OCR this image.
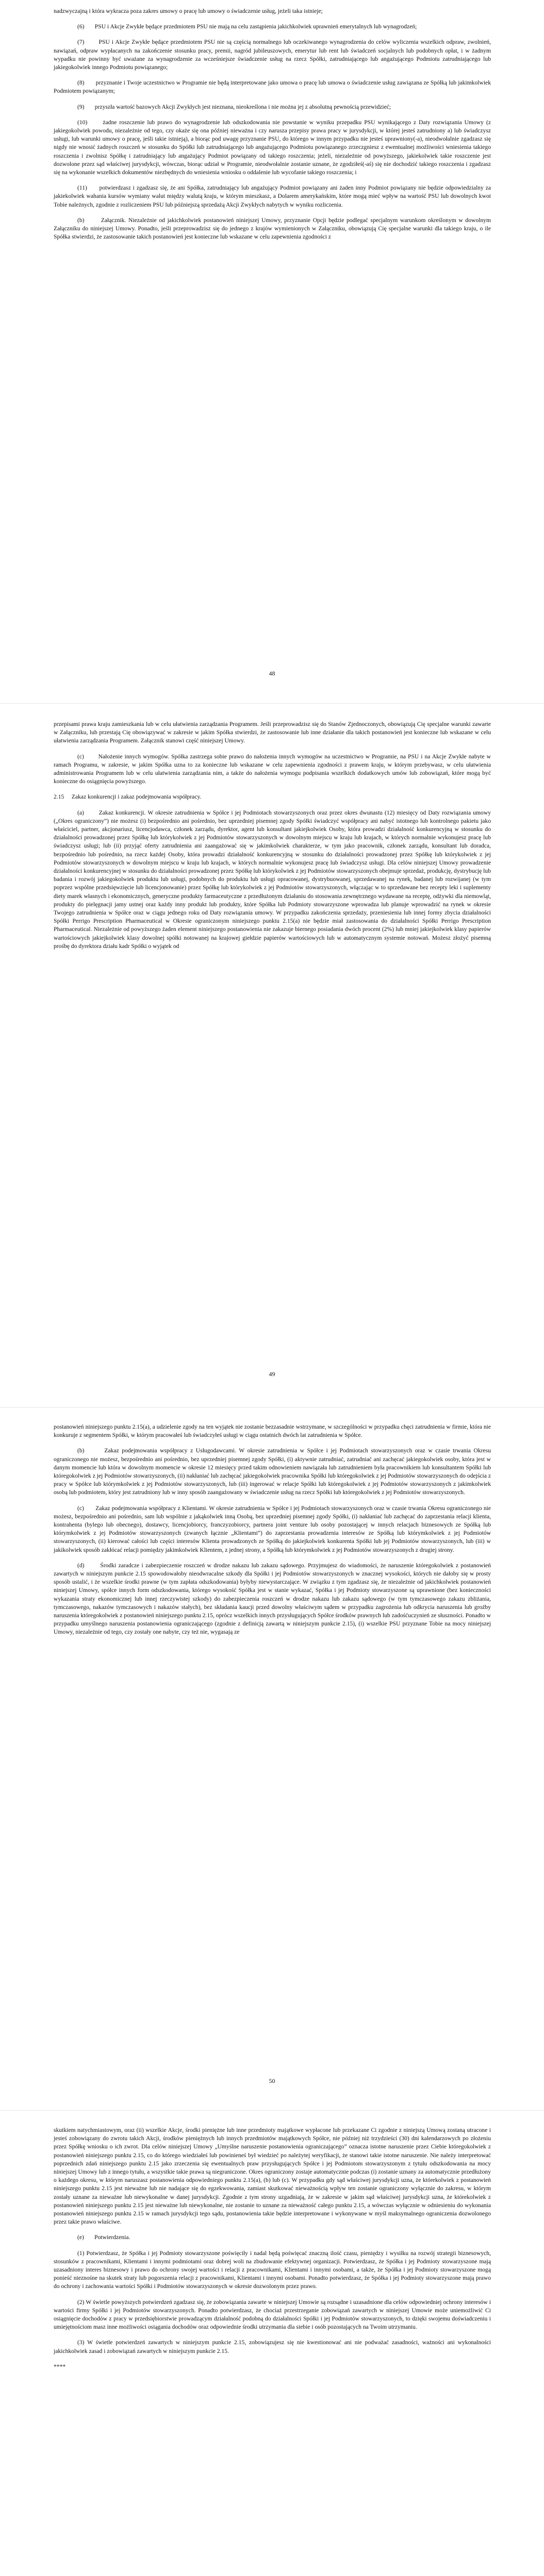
nadzwyczajną i która wykracza poza zakres umowy o pracę lub umowy o świadczenie usług, jeżeli taka istnieje;

(6)       PSU i Akcje Zwykłe będące przedmiotem PSU nie mają na celu zastąpienia jakichkolwiek uprawnień emerytalnych lub wynagrodzeń;

(7)       PSU i Akcje Zwykłe będące przedmiotem PSU nie są częścią normalnego lub oczekiwanego wynagrodzenia do celów wyliczenia wszelkich odpraw, zwolnień, nawiązań, odpraw wypłacanych na zakończenie stosunku pracy, premii, nagród jubileuszowych, emerytur lub rent lub świadczeń socjalnych lub podobnych opłat, i w żadnym wypadku nie powinny być uważane za wynagrodzenie za wcześniejsze świadczenie usług na rzecz Spółki, zatrudniającego lub angażującego Podmiotu zatrudniającego lub jakiegokolwiek innego Podmiotu powiązanego;

(8)       przyznanie i Twoje uczestnictwo w Programie nie będą interpretowane jako umowa o pracę lub umowa o świadczenie usług zawiązana ze Spółką lub jakimkolwiek Podmiotem powiązanym;

(9)       przyszła wartość bazowych Akcji Zwykłych jest nieznana, nieokreślona i nie można jej z absolutną pewnością przewidzieć;

(10)      żadne roszczenie lub prawo do wynagrodzenie lub odszkodowania nie powstanie w wyniku przepadku PSU wynikającego z Daty rozwiązania Umowy (z jakiegokolwiek powodu, niezależnie od tego, czy okaże się ona później nieważna i czy narusza przepisy prawa pracy w jurysdykcji, w której jesteś zatrudniony a) lub świadczysz usługi, lub warunki umowy o pracę, jeśli takie istnieją), a biorąc pod uwagę przyznanie PSU, do którego w innym przypadku nie jesteś uprawniony(-a), nieodwołalnie zgadzasz się nigdy nie wnosić żadnych roszczeń w stosunku do Spółki lub zatrudniającego lub angażującego Podmiotu powiązanego zrzeczgniesz z ewentualnej możliwości wniesienia takiego roszczenia i zwolnisz Spółkę i zatrudniający lub angażujący Podmiot powiązany od takiego roszczenia; jeżeli, niezależnie od powyższego, jakiekolwiek takie roszczenie jest dozwolone przez sąd właściwej jurysdykcji, wówczas, biorąc udział w Programie, nieodwołalnie zostanie uznane, że zgodziłeś(-aś) się nie dochodzić takiego roszczenia i zgadzasz się na wykonanie wszelkich dokumentów niezbędnych do wniesienia wniosku o oddalenie lub wycofanie takiego roszczenia; i

(11)      potwierdzasz i zgadzasz się, że ani Spółka, zatrudniający lub angażujący Podmiot powiązany ani żaden inny Podmiot powiązany nie będzie odpowiedzialny za jakiekolwiek wahania kursów wymiany walut między walutą kraju, w którym mieszkasz, a Dolarem amerykańskim, które mogą mieć wpływ na wartość PSU lub dowolnych kwot Tobie należnych, zgodnie z rozliczeniem PSU lub późniejszą sprzedażą Akcji Zwykłych nabytych w wyniku rozliczenia.

(b)       Załącznik. Niezależnie od jakichkolwiek postanowień niniejszej Umowy, przyznanie Opcji będzie podlegać specjalnym warunkom określonym w dowolnym Załączniku do niniejszej Umowy. Ponadto, jeśli przeprowadzisz się do jednego z krajów wymienionych w Załączniku, obowiązują Cię specjalne warunki dla takiego kraju, o ile Spółka stwierdzi, że zastosowanie takich postanowień jest konieczne lub wskazane w celu zapewnienia zgodności z

48

przepisami prawa kraju zamieszkania lub w celu ułatwienia zarządzania Programem. Jeśli przeprowadzisz się do Stanów Zjednoczonych, obowiązują Cię specjalne warunki zawarte w Załączniku, lub przestają Cię obowiązywać w zakresie w jakim Spółka stwierdzi, że zastosowanie lub inne działanie dla takich postanowień jest konieczne lub wskazane w celu ułatwienia zarządzania Programem. Załącznik stanowi część niniejszej Umowy.

(c)       Nałożenie innych wymogów. Spółka zastrzega sobie prawo do nałożenia innych wymogów na uczestnictwo w Programie, na PSU i na Akcje Zwykłe nabyte w ramach Programu, w zakresie, w jakim Spółka uzna to za konieczne lub wskazane w celu zapewnienia zgodności z prawem kraju, w którym przebywasz, w celu ułatwienia administrowania Programem lub w celu ułatwienia zarządzania nim, a także do nałożenia wymogu podpisania wszelkich dodatkowych umów lub zobowiązań, które mogą być konieczne do osiągnięcia powyższego.

2.15     Zakaz konkurencji i zakaz podejmowania współpracy.

(a)       Zakaz konkurencji. W okresie zatrudnienia w Spółce i jej Podmiotach stowarzyszonych oraz przez okres dwunastu (12) miesięcy od Daty rozwiązania umowy („Okres ograniczony”) nie możesz (i) bezpośrednio ani pośrednio, bez uprzedniej pisemnej zgody Spółki świadczyć współpracy ani nabyć istotnego lub kontrolnego pakietu jako właściciel, partner, akcjonariusz, licencjodawca, członek zarządu, dyrektor, agent lub konsultant jakiejkolwiek Osoby, która prowadzi działalność konkurencyjną w stosunku do działalności prowadzonej przez Spółkę lub którykolwiek z jej Podmiotów stowarzyszonych w dowolnym miejscu w kraju lub krajach, w których normalnie wykonujesz pracę lub świadczysz usługi; lub (ii) przyjąć oferty zatrudnienia ani zaangażować się w jakimkolwiek charakterze, w tym jako pracownik, członek zarządu, konsultant lub doradca, bezpośrednio lub pośrednio, na rzecz każdej Osoby, która prowadzi działalność konkurencyjną w stosunku do działalności prowadzonej przez Spółkę lub którykolwiek z jej Podmiotów stowarzyszonych w dowolnym miejscu w kraju lub krajach, w których normalnie wykonujesz pracę lub świadczysz usługi. Dla celów niniejszej Umowy prowadzenie działalności konkurencyjnej w stosunku do działalności prowadzonej przez Spółkę lub którykolwiek z jej Podmiotów stowarzyszonych obejmuje sprzedaż, produkcję, dystrybucję lub badania i rozwój jakiegokolwiek produktu lub usługi, podobnych do produktu lub usługi opracowanej, dystrybuowanej, sprzedawanej na rynek, badanej lub rozwijanej (w tym poprzez wspólne przedsięwzięcie lub licencjonowanie) przez Spółkę lub którykolwiek z jej Podmiotów stowarzyszonych, włączając w to sprzedawane bez recepty leki i suplementy diety marek własnych i ekonomicznych, generyczne produkty farmaceutyczne z przedłużonym działaniu do stosowania zewnętrznego wydawane na receptę, odżywki dla niemowląt, produkty do pielęgnacji jamy ustnej oraz każdy inny produkt lub produkty, które Spółka lub Podmioty stowarzyszone wprowadza lub planuje wprowadzić na rynek w okresie Twojego zatrudnienia w Spółce oraz w ciągu jednego roku od Daty rozwiązania umowy. W przypadku zakończenia sprzedaży, przeniesienia lub innej formy zbycia działalności Spółki Perrigo Prescription Pharmaceutical w Okresie ograniczonym niniejszego punktu 2.15(a) nie będzie miał zastosowania do działalności Spółki Perrigo Prescription Pharmaceutical. Niezależnie od powyższego żaden element niniejszego postanowienia nie zakazuje biernego posiadania dwóch procent (2%) lub mniej jakiejkolwiek klasy papierów wartościowych jakiejkolwiek klasy dowolnej spółki notowanej na krajowej giełdzie papierów wartościowych lub w automatycznym systemie notowań. Możesz złożyć pisemną prośbę do dyrektora działu kadr Spółki o wyjątek od

49

postanowień niniejszego punktu 2.15(a), a udzielenie zgody na ten wyjątek nie zostanie bezzasadnie wstrzymane, w szczególności w przypadku chęci zatrudnienia w firmie, która nie konkuruje z segmentem Spółki, w którym pracowałeś lub świadczyłeś usługi w ciągu ostatnich dwóch lat zatrudnienia w Spółce.

(b)       Zakaz podejmowania współpracy z Usługodawcami. W okresie zatrudnienia w Spółce i jej Podmiotach stowarzyszonych oraz w czasie trwania Okresu ograniczonego nie możesz, bezpośrednio ani pośrednio, bez uprzedniej pisemnej zgody Spółki, (i) aktywnie zatrudniać, zatrudniać ani zachęcać jakiegokolwiek osoby, która jest w danym momencie lub która w dowolnym momencie w okresie 12 miesięcy przed takim odnowieniem nawiązała lub zatrudnieniem była pracownikiem lub konsultantem Spółki lub któregokolwiek z jej Podmiotów stowarzyszonych, (ii) nakłaniać lub zachęcać jakiegokolwiek pracownika Spółki lub któregokolwiek z jej Podmiotów stowarzyszonych do odejścia z pracy w Spółce lub którymkolwiek z jej Podmiotów stowarzyszonych, lub (iii) ingerować w relacje Spółki lub któregokolwiek z jej Podmiotów stowarzyszonych z jakimkolwiek osobą lub podmiotem, który jest zatrudniony lub w inny sposób zaangażowany w świadczenie usług na rzecz Spółki lub któregokolwiek z jej Podmiotów stowarzyszonych.

(c)       Zakaz podejmowania współpracy z Klientami. W okresie zatrudnienia w Spółce i jej Podmiotach stowarzyszonych oraz w czasie trwania Okresu ograniczonego nie możesz, bezpośrednio ani pośrednio, sam lub wspólnie z jakąkolwiek inną Osobą, bez uprzedniej pisemnej zgody Spółki, (i) nakłaniać lub zachęcać do zaprzestania relacji klienta, kontrahenta (bylego lub obecnego), dostawcy, licencjobiorcy, franczyzobiorcy, partnera joint venture lub osoby pozostającej w innych relacjach biznesowych ze Spółką lub którymkolwiek z jej Podmiotów stowarzyszonych (zwanych łącznie „Klientami”) do zaprzestania prowadzenia interesów ze Spółką lub którymkolwiek z jej Podmiotów stowarzyszonych, (ii) kierować całości lub części interesów Klienta prowadzonych ze Spółką do jakiejkolwiek konkurenta Spółki lub jej Podmiotów stowarzyszonych, lub (iii) w jakikolwiek sposób zakłócać relacji pomiędzy jakimkolwiek Klientem, z jednej strony, a Spółką lub którymkolwiek z jej Podmiotów stowarzyszonych z drugiej strony.

(d)       Środki zaradcze i zabezpieczenie roszczeń w drodze nakazu lub zakazu sądowego. Przyjmujesz do wiadomości, że naruszenie któregokolwiek z postanowień zawartych w niniejszym punkcie 2.15 spowodowałoby nieodwracalne szkody dla Spółki i jej Podmiotów stowarzyszonych w znacznej wysokości, których nie dałoby się w prosty sposób ustalić, i że wszelkie środki prawne (w tym zapłata odszkodowania) byłyby niewystarczające. W związku z tym zgadzasz się, że niezależnie od jakichkolwiek postanowień niniejszej Umowy, spółce innych form odszkodowania, którego wysokość Spółka jest w stanie wykazać, Spółka i jej Podmioty stowarzyszone są uprawnione (bez konieczności wykazania straty ekonomicznej lub innej rzeczywistej szkody) do zabezpieczenia roszczeń w drodze nakazu lub zakazu sądowego (w tym tymczasowego zakazu zbliżania, tymczasowego, nakazów tymczasowych i nakazów stałych), bez składania kaucji przed dowolny właściwym sądem w przypadku zagrożenia lub odkrycia naruszenia lub groźby naruszenia któregokolwiek z postanowień niniejszego punktu 2.15, oprócz wszelkich innych przysługujących Spółce środków prawnych lub zadośćuczynień ze słuszności. Ponadto w przypadku umyślnego naruszenia postanowienia ograniczającego (zgodnie z definicją zawartą w niniejszym punkcie 2.15), (i) wszelkie PSU przyznane Tobie na mocy niniejszej Umowy, niezależnie od tego, czy zostały one nabyte, czy też nie, wygasają ze

50

skutkiem natychmiastowym, oraz (ii) wszelkie Akcje, środki pieniężne lub inne przedmioty majątkowe wypłacone lub przekazane Ci zgodnie z niniejszą Umową zostaną utracone i jesteś zobowiązany do zwrotu takich Akcji, środków pieniężnych lub innych przedmiotów majątkowych Spółce, nie później niż trzydzieści (30) dni kalendarzowych po złożeniu przez Spółkę wniosku o ich zwrot. Dla celów niniejszej Umowy „Umyślne naruszenie postanowienia ograniczającego” oznacza istotne naruszenie przez Ciebie któregokolwiek z postanowień niniejszego punktu 2.15, co do którego wiedziałeś lub powinieneś był wiedzieć po należytej weryfikacji, że stanowi takie istotne naruszenie. Nie należy interpretować poprzednich zdań niniejszego punktu 2.15 jako zrzeczenia się ewentualnych praw przysługujących Spółce i jej Podmiotom stowarzyszonym z tytułu odszkodowania na mocy niniejszej Umowy lub z innego tytułu, a wszystkie takie prawa są niegraniczone. Okres ograniczony zostaje automatycznie podczas (i) zostanie uznany za automatycznie przedłużony o każdego okresu, w którym naruszasz postanowienia odpowiedniego punktu 2.15(a), (b) lub (c). W przypadku gdy sąd właściwej jurysdykcji uzna, że którekolwiek z postanowień niniejszego punktu 2.15 jest nieważne lub nie nadające się do egzekwowania, zamiast skutkować nieważnością wpływ ten zostanie ograniczony wyłącznie do zakresu, w którym zostały uznane za nieważne lub niewykonalne w danej jurysdykcji. Zgodnie z tym strony uzgadniają, że w zakresie w jakim sąd właściwej jurysdykcji uzna, że którekolwiek z postanowień niniejszego punktu 2.15 jest nieważne lub niewykonalne, nie zostanie to uznane za nieważność całego punktu 2.15, a wówczas wyłącznie w odniesieniu do wykonania postanowień niniejszego punktu 2.15 w ramach jurysdykcji tego sądu, postanowienia takie będzie interpretowane i wykonywane w myśl maksymalnego ograniczenia dozwolonego przez takie prawo właściwe.

(e)       Potwierdzenia.

(1) Potwierdzasz, że Spółka i jej Podmioty stowarzyszone poświęciły i nadal będą poświęcać znaczną ilość czasu, pieniędzy i wysiłku na rozwój strategii biznesowych, stosunków z pracownikami, Klientami i innymi podmiotami oraz dobrej woli na zbudowanie efektywnej organizacji. Potwierdzasz, że Spółka i jej Podmioty stowarzyszone mają uzasadniony interes biznesowy i prawo do ochrony swojej wartości i relacji z pracownikami, Klientami i innymi osobami, a także, że Spółka i jej Podmioty stowarzyszone mogą ponieść nieznośne na skutek straty lub pogorszenia relacji z pracownikami, Klientami i innymi osobami. Ponadto potwierdzasz, że Spółka i jej Podmioty stowarzyszone mają prawo do ochrony i zachowania wartości Spółki i Podmiotów stowarzyszonych w okresie dozwolonym przez prawo.

(2) W świetle powyższych potwierdzeń zgadzasz się, że zobowiązania zawarte w niniejszej Umowie są rozsądne i uzasadnione dla celów odpowiedniej ochrony interesów i wartości firmy Spółki i jej Podmiotów stowarzyszonych. Ponadto potwierdzasz, że chociaż przestrzeganie zobowiązań zawartych w niniejszej Umowie może uniemożliwić Ci osiągnięcie dochodów z pracy w przedsiębiorstwie prowadzącym działalność podobną do działalności Spółki i jej Podmiotów stowarzyszonych, to dzięki swojemu doświadczeniu i umiejętnościom masz inne możliwości osiągania dochodów oraz odpowiednie środki utrzymania dla siebie i osób pozostających na Twoim utrzymaniu.

(3) W świetle potwierdzeń zawartych w niniejszym punkcie 2.15, zobowiązujesz się nie kwestionować ani nie podważać zasadności, ważności ani wykonalności jakichkolwiek zasad i zobowiązań zawartych w niniejszym punkcie 2.15.

****
